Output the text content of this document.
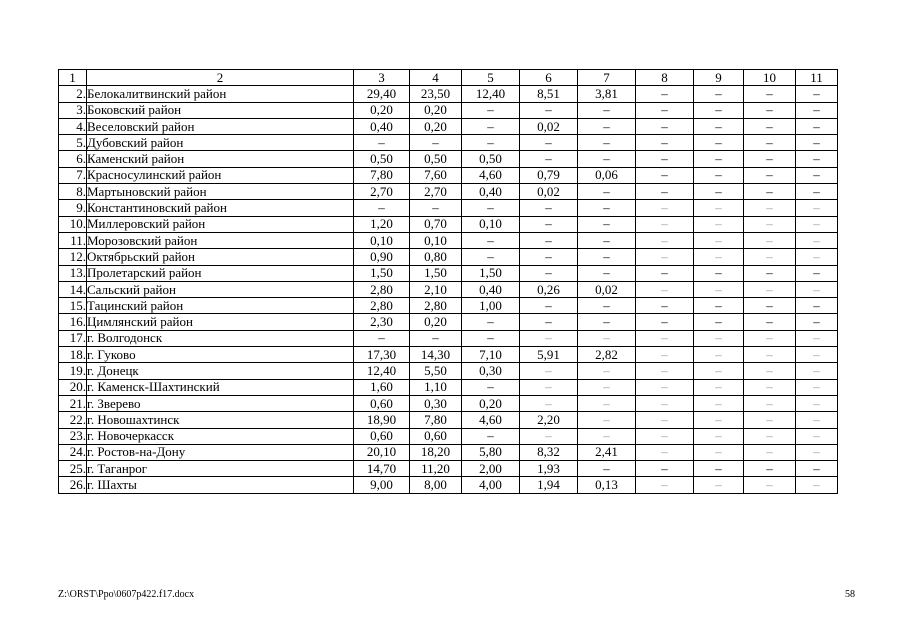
1	2	3	4	5	6	7	8	9	10	11
2.	Белокалитвинский район	29,40	23,50	12,40	8,51	3,81	–	–	–	–
3.	Боковский район	0,20	0,20	–	–	–	–	–	–	–
4.	Веселовский район	0,40	0,20	–	0,02	–	–	–	–	–
5.	Дубовский район	–	–	–	–	–	–	–	–	–
6.	Каменский район	0,50	0,50	0,50	–	–	–	–	–	–
7.	Красносулинский район	7,80	7,60	4,60	0,79	0,06	–	–	–	–
8.	Мартыновский район	2,70	2,70	0,40	0,02	–	–	–	–	–
9.	Константиновский район	–	–	–	–	–	–	–	–	–
10.	Миллеровский район	1,20	0,70	0,10	–	–	–	–	–	–
11.	Морозовский район	0,10	0,10	–	–	–	–	–	–	–
12.	Октябрьский район	0,90	0,80	–	–	–	–	–	–	–
13.	Пролетарский район	1,50	1,50	1,50	–	–	–	–	–	–
14.	Сальский район	2,80	2,10	0,40	0,26	0,02	–	–	–	–
15.	Тацинский район	2,80	2,80	1,00	–	–	–	–	–	–
16.	Цимлянский район	2,30	0,20	–	–	–	–	–	–	–
17.	г. Волгодонск	–	–	–	–	–	–	–	–	–
18.	г. Гуково	17,30	14,30	7,10	5,91	2,82	–	–	–	–
19.	г. Донецк	12,40	5,50	0,30	–	–	–	–	–	–
20.	г. Каменск-Шахтинский	1,60	1,10	–	–	–	–	–	–	–
21.	г. Зверево	0,60	0,30	0,20	–	–	–	–	–	–
22.	г. Новошахтинск	18,90	7,80	4,60	2,20	–	–	–	–	–
23.	г. Новочеркасск	0,60	0,60	–	–	–	–	–	–	–
24.	г. Ростов-на-Дону	20,10	18,20	5,80	8,32	2,41	–	–	–	–
25.	г. Таганрог	14,70	11,20	2,00	1,93	–	–	–	–	–
26.	г. Шахты	9,00	8,00	4,00	1,94	0,13	–	–	–	–
Z:\ORST\Ppo\0607p422.f17.docx	58
